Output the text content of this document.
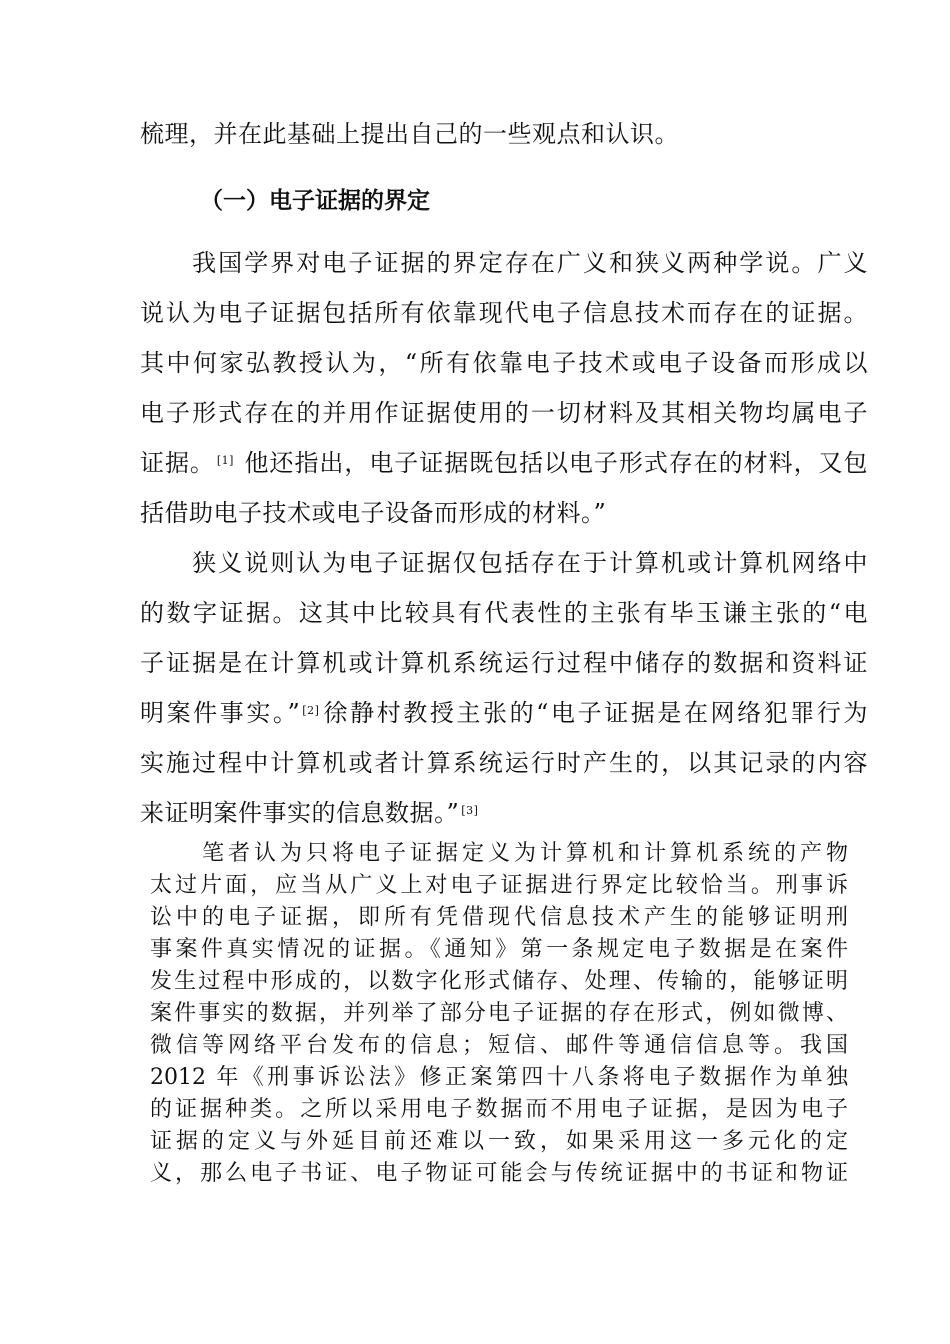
梳理，并在此基础上提出自己的一些观点和认识。
（一）电子证据的界定
　　我国学界对电子证据的界定存在广义和狭义两种学说。广义
说认为电子证据包括所有依靠现代电子信息技术而存在的证据。
其中何家弘教授认为，“所有依靠电子技术或电子设备而形成以
电子形式存在的并用作证据使用的一切材料及其相关物均属电子
证据。 [1] 他还指出，电子证据既包括以电子形式存在的材料，又包
括借助电子技术或电子设备而形成的材料。”
　　狭义说则认为电子证据仅包括存在于计算机或计算机网络中
的数字证据。这其中比较具有代表性的主张有毕玉谦主张的“电
子证据是在计算机或计算机系统运行过程中储存的数据和资料证
明案件事实。” [2]徐静村教授主张的“电子证据是在网络犯罪行为
实施过程中计算机或者计算系统运行时产生的，以其记录的内容
来证明案件事实的信息数据。” [3]
　　笔者认为只将电子证据定义为计算机和计算机系统的产物
太过片面，应当从广义上对电子证据进行界定比较恰当。刑事诉
讼中的电子证据，即所有凭借现代信息技术产生的能够证明刑
事案件真实情况的证据。《通知》第一条规定电子数据是在案件
发生过程中形成的，以数字化形式储存、处理、传输的，能够证明
案件事实的数据，并列举了部分电子证据的存在形式，例如微博、
微信等网络平台发布的信息；短信、邮件等通信信息等。我国
2012 年《刑事诉讼法》修正案第四十八条将电子数据作为单独
的证据种类。之所以采用电子数据而不用电子证据，是因为电子
证据的定义与外延目前还难以一致，如果采用这一多元化的定
义，那么电子书证、电子物证可能会与传统证据中的书证和物证
